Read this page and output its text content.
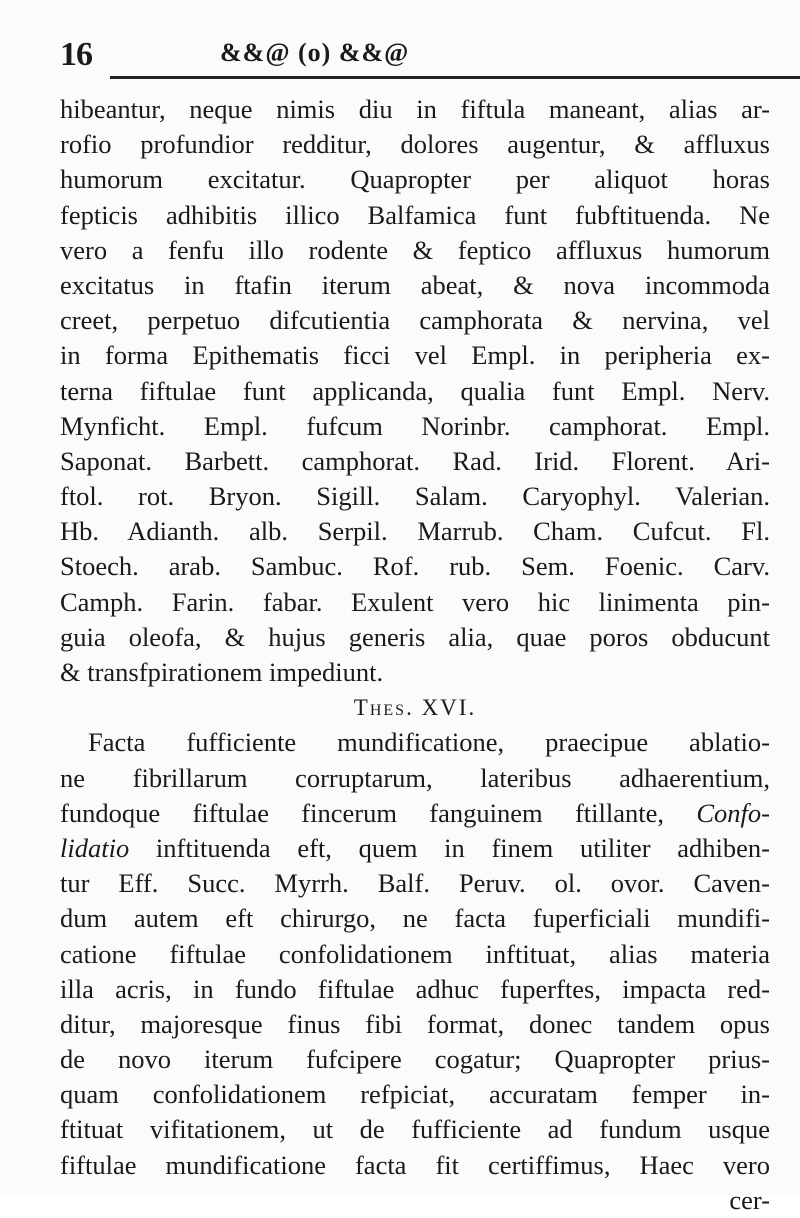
16	&&@ (o) &&@
hibeantur, neque nimis diu in fiftula maneant, alias ar-
rofio profundior redditur, dolores augentur, & affluxus
humorum excitatur. Quapropter per aliquot horas
fepticis adhibitis illico Balfamica funt fubftituenda. Ne
vero a fenfu illo rodente & feptico affluxus humorum
excitatus in ftafin iterum abeat, & nova incommoda
creet, perpetuo difcutientia camphorata & nervina, vel
in forma Epithematis ficci vel Empl. in peripheria ex-
terna fiftulae funt applicanda, qualia funt Empl. Nerv.
Mynficht. Empl. fufcum Norinbr. camphorat. Empl.
Saponat. Barbett. camphorat. Rad. Irid. Florent. Ari-
ftol. rot. Bryon. Sigill. Salam. Caryophyl. Valerian.
Hb. Adianth. alb. Serpil. Marrub. Cham. Cufcut. Fl.
Stoech. arab. Sambuc. Rof. rub. Sem. Foenic. Carv.
Camph. Farin. fabar. Exulent vero hic linimenta pin-
guia oleofa, & hujus generis alia, quae poros obducunt
& transfpirationem impediunt.
Thes. XVI.
Facta fufficiente mundificatione, praecipue ablatio-
ne fibrillarum corruptarum, lateribus adhaerentium,
fundoque fiftulae fincerum fanguinem ftillante, Confo-
lidatio inftituenda eft, quem in finem utiliter adhiben-
tur Eff. Succ. Myrrh. Balf. Peruv. ol. ovor. Caven-
dum autem eft chirurgo, ne facta fuperficiali mundifi-
catione fiftulae confolidationem inftituat, alias materia
illa acris, in fundo fiftulae adhuc fuperftes, impacta red-
ditur, majoresque finus fibi format, donec tandem opus
de novo iterum fufcipere cogatur; Quapropter prius-
quam confolidationem refpiciat, accuratam femper in-
ftituat vifitationem, ut de fufficiente ad fundum usque
fiftulae mundificatione facta fit certiffimus, Haec vero
cer-
